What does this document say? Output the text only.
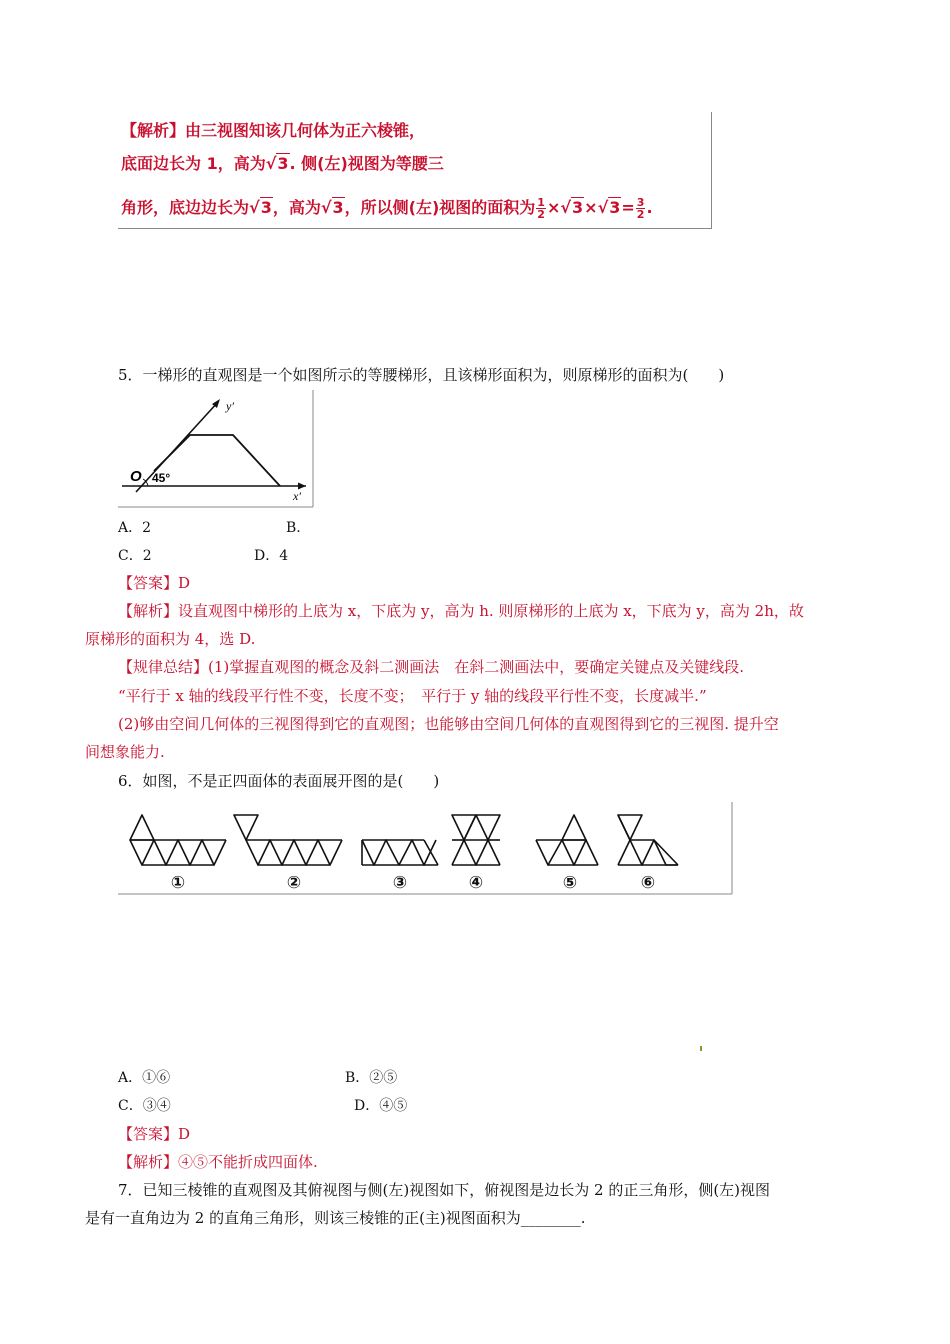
【解析】由三视图知该几何体为正六棱锥，
底面边长为 1，高为√3. 侧(左)视图为等腰三
角形，底边边长为√3，高为√3，所以侧(左)视图的面积为 $\frac{1}{2} \times√3\times√3= \frac{3}{2}$ .
5．一梯形的直观图是一个如图所示的等腰梯形，且该梯形面积为，则原梯形的面积为(　　)
y′
x′
O 45°
A．2	B.
C．2	D．4
【答案】D
【解析】设直观图中梯形的上底为 x，下底为 y，高为 h. 则原梯形的上底为 x，下底为 y，高为 2h，故
原梯形的面积为 4，选 D.
【规律总结】(1)掌握直观图的概念及斜二测画法　在斜二测画法中，要确定关键点及关键线段.
“平行于 x 轴的线段平行性不变，长度不变；　平行于 y 轴的线段平行性不变，长度减半.”
(2)够由空间几何体的三视图得到它的直观图；也能够由空间几何体的直观图得到它的三视图. 提升空
间想象能力.
6．如图，不是正四面体的表面展开图的是(　　)
①	②	③	④	⑤	⑥
A．①⑥	B．②⑤
C．③④	D．④⑤
【答案】D
【解析】④⑤不能折成四面体.
7．已知三棱锥的直观图及其俯视图与侧(左)视图如下，俯视图是边长为 2 的正三角形，侧(左)视图
是有一直角边为 2 的直角三角形，则该三棱锥的正(主)视图面积为________.
